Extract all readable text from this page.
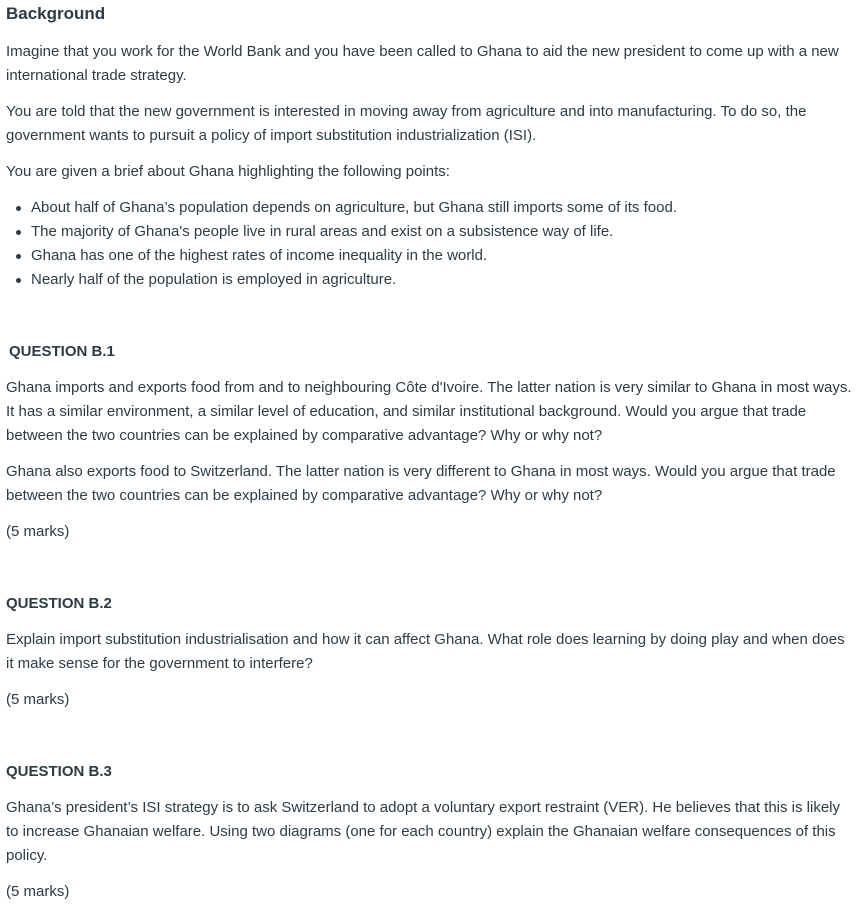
Background

Imagine that you work for the World Bank and you have been called to Ghana to aid the new president to come up with a new international trade strategy.

You are told that the new government is interested in moving away from agriculture and into manufacturing. To do so, the government wants to pursuit a policy of import substitution industrialization (ISI).

You are given a brief about Ghana highlighting the following points:

About half of Ghana’s population depends on agriculture, but Ghana still imports some of its food.
The majority of Ghana's people live in rural areas and exist on a subsistence way of life.
Ghana has one of the highest rates of income inequality in the world.
Nearly half of the population is employed in agriculture.
QUESTION B.1

Ghana imports and exports food from and to neighbouring Côte d'Ivoire. The latter nation is very similar to Ghana in most ways. It has a similar environment, a similar level of education, and similar institutional background. Would you argue that trade between the two countries can be explained by comparative advantage? Why or why not?

Ghana also exports food to Switzerland. The latter nation is very different to Ghana in most ways. Would you argue that trade between the two countries can be explained by comparative advantage? Why or why not?

(5 marks)

QUESTION B.2

Explain import substitution industrialisation and how it can affect Ghana. What role does learning by doing play and when does it make sense for the government to interfere?

(5 marks)

QUESTION B.3

Ghana’s president’s ISI strategy is to ask Switzerland to adopt a voluntary export restraint (VER). He believes that this is likely to increase Ghanaian welfare. Using two diagrams (one for each country) explain the Ghanaian welfare consequences of this policy.

(5 marks)
